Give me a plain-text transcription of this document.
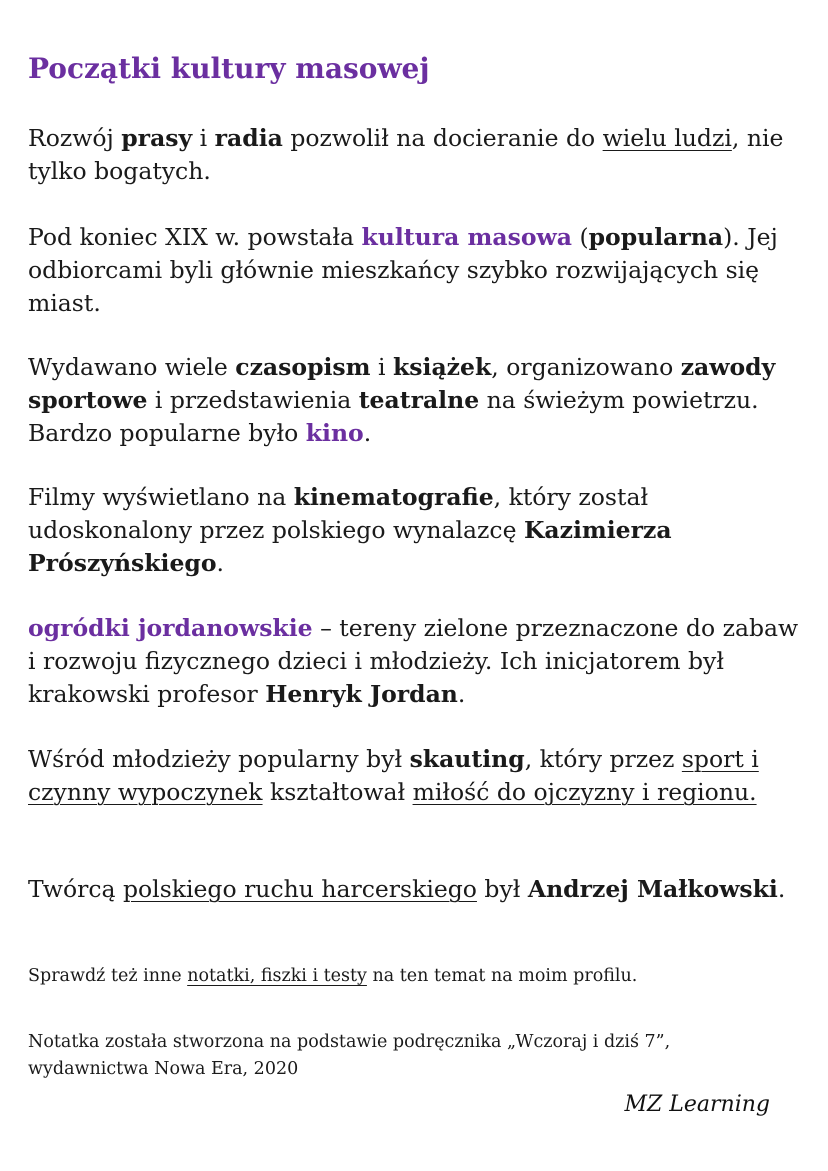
Początki kultury masowej

Rozwój prasy i radia pozwolił na docieranie do wielu ludzi, nie tylko bogatych.

Pod koniec XIX w. powstała kultura masowa (popularna). Jej odbiorcami byli głównie mieszkańcy szybko rozwijających się miast.

Wydawano wiele czasopism i książek, organizowano zawody sportowe i przedstawienia teatralne na świeżym powietrzu. Bardzo popularne było kino.

Filmy wyświetlano na kinematografie, który został udoskonalony przez polskiego wynalazcę Kazimierza Prószyńskiego.

ogródki jordanowskie – tereny zielone przeznaczone do zabaw i rozwoju fizycznego dzieci i młodzieży. Ich inicjatorem był krakowski profesor Henryk Jordan.

Wśród młodzieży popularny był skauting, który przez sport i czynny wypoczynek kształtował miłość do ojczyzny i regionu.

Twórcą polskiego ruchu harcerskiego był Andrzej Małkowski.

Sprawdź też inne notatki, fiszki i testy na ten temat na moim profilu.

Notatka została stworzona na podstawie podręcznika „Wczoraj i dziś 7”, wydawnictwa Nowa Era, 2020

MZ Learning
